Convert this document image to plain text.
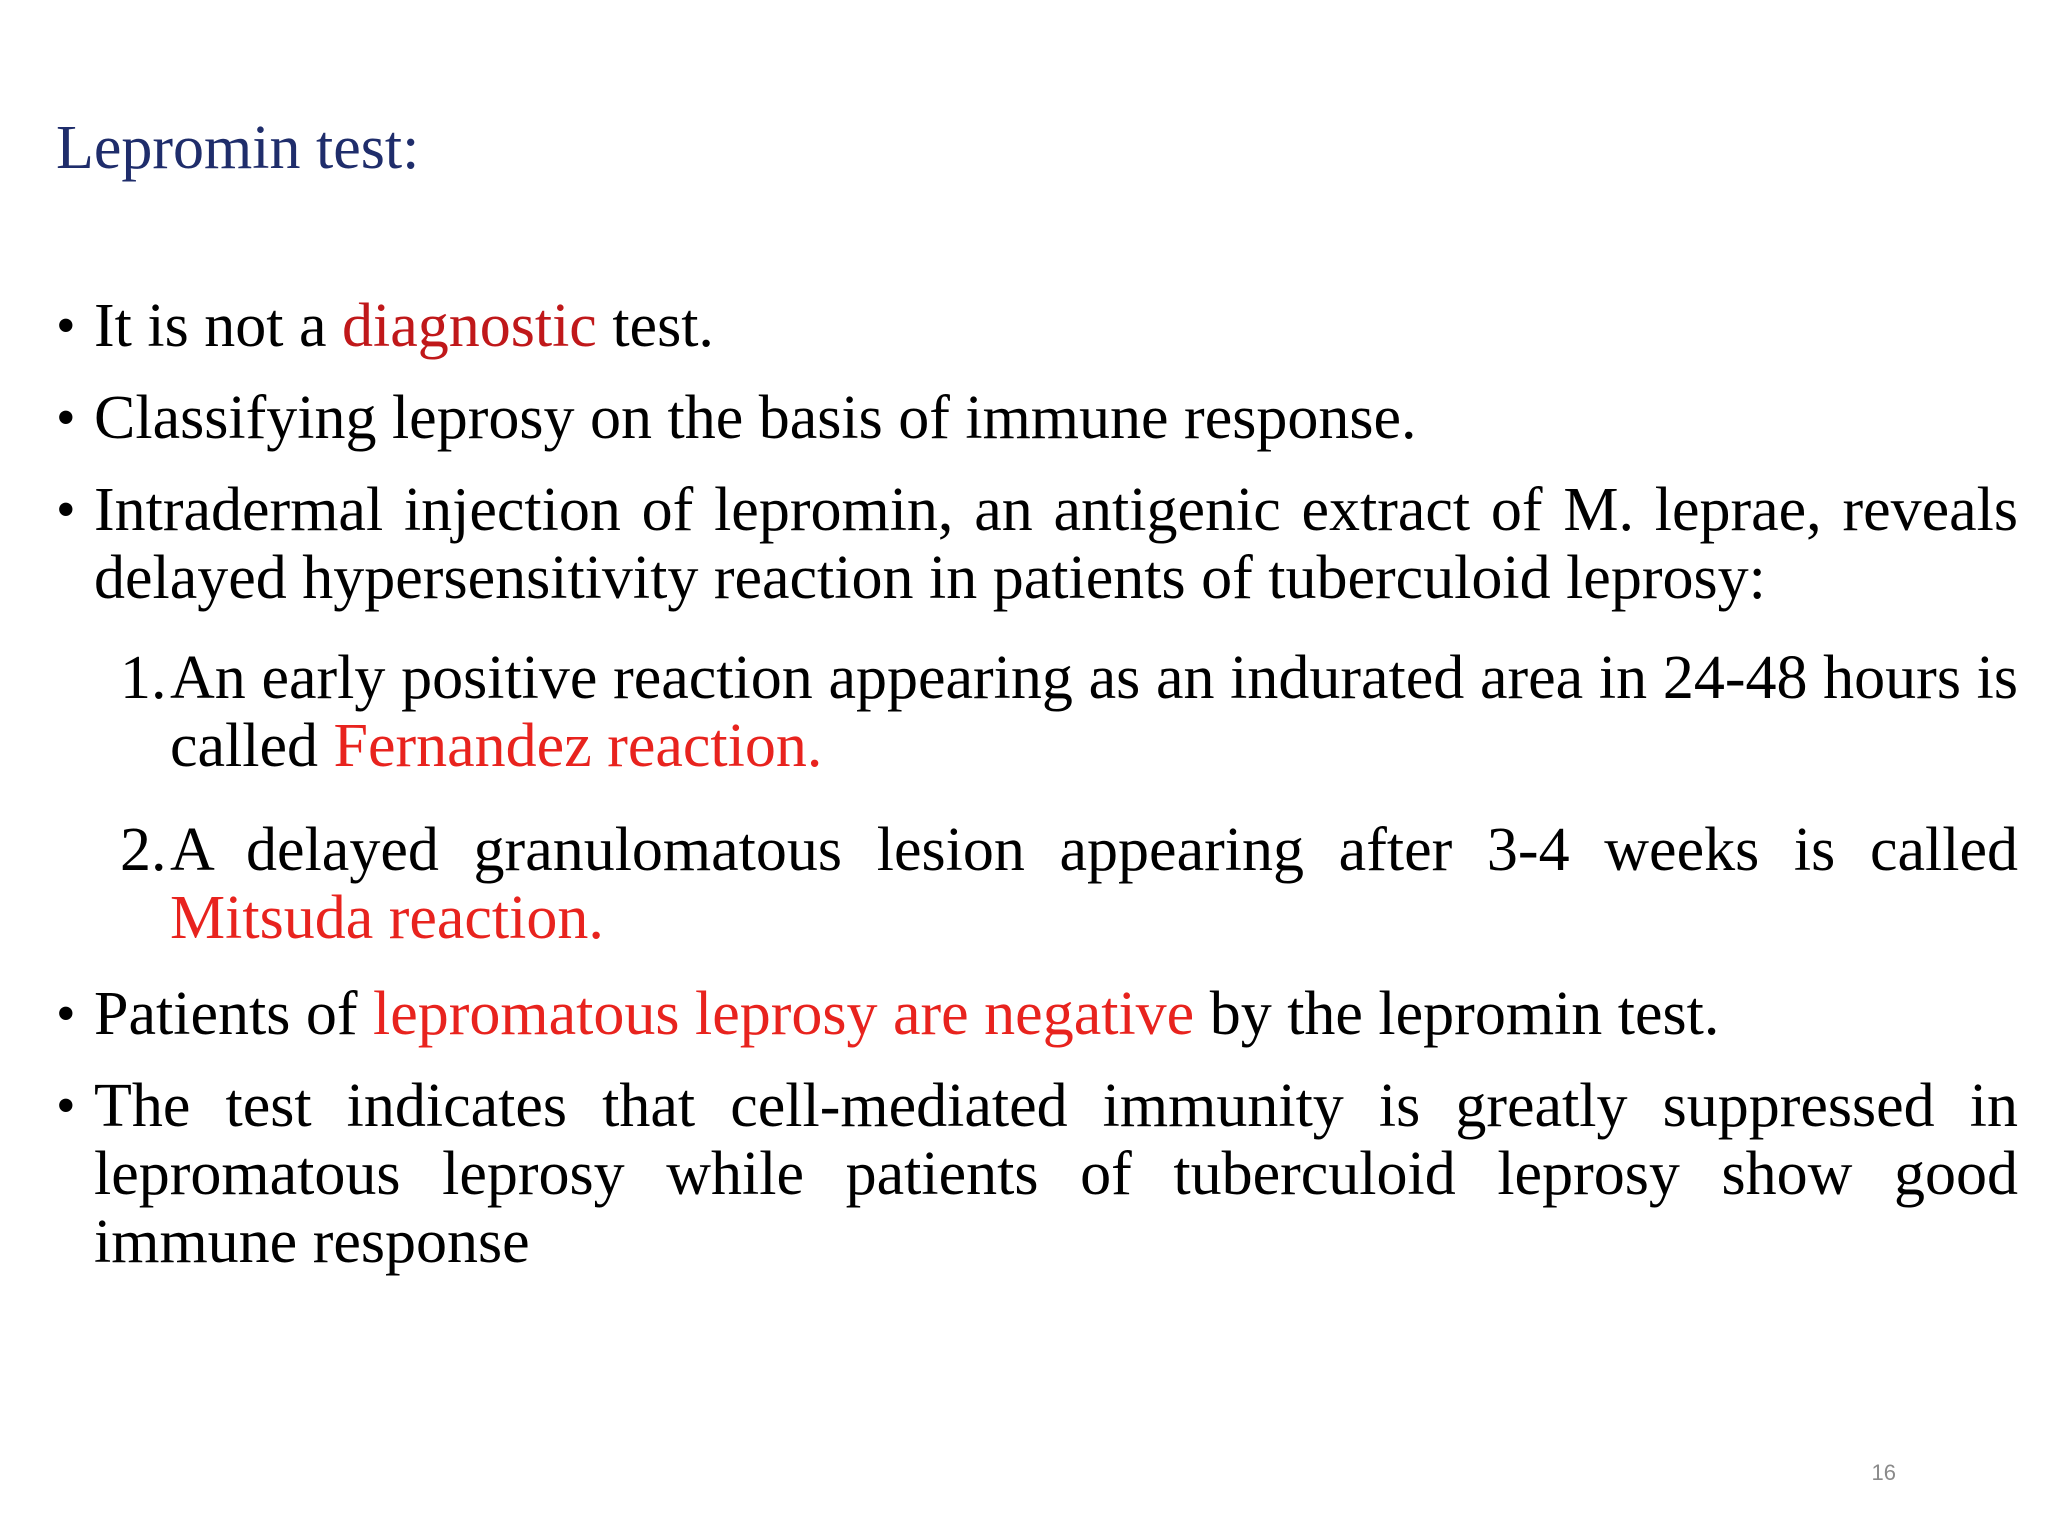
Lepromin test:
• It is not a diagnostic test.
• Classifying leprosy on the basis of immune response.
• Intradermal injection of lepromin, an antigenic extract of M. leprae, reveals delayed hypersensitivity reaction in patients of tuberculoid leprosy:
1. An early positive reaction appearing as an indurated area in 24-48 hours is called Fernandez reaction.
2. A delayed granulomatous lesion appearing after 3-4 weeks is called Mitsuda reaction.
• Patients of lepromatous leprosy are negative by the lepromin test.
• The test indicates that cell-mediated immunity is greatly suppressed in lepromatous leprosy while patients of tuberculoid leprosy show good immune response
16
